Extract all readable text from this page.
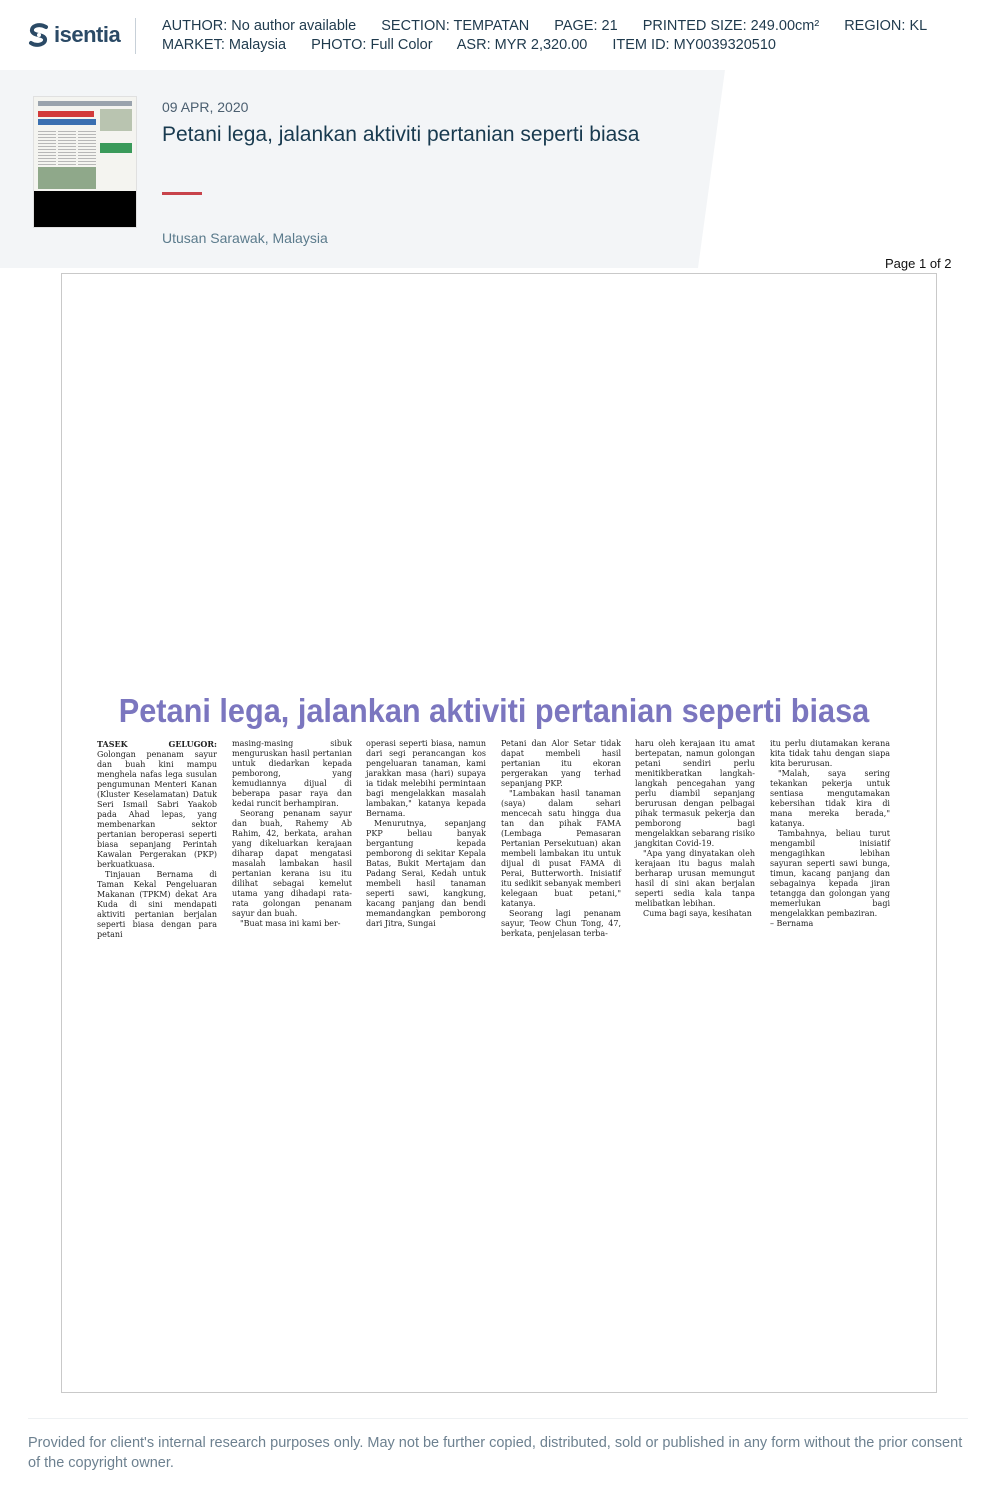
isentia	AUTHOR: No author available SECTION: TEMPATAN PAGE: 21 PRINTED SIZE: 249.00cm² REGION: KL
MARKET: Malaysia PHOTO: Full Color ASR: MYR 2,320.00 ITEM ID: MY0039320510
09 APR, 2020
Petani lega, jalankan aktiviti pertanian seperti biasa
Utusan Sarawak, Malaysia
Page 1 of 2
Petani lega, jalankan aktiviti pertanian seperti biasa

TASEK GELUGOR: Golongan penanam sayur dan buah kini mampu menghela nafas lega susulan pengumunan Menteri Kanan (Kluster Keselamatan) Datuk Seri Ismail Sabri Yaakob pada Ahad lepas, yang membenarkan sektor pertanian beroperasi seperti biasa sepanjang Perintah Kawalan Pergerakan (PKP) berkuatkuasa.

Tinjauan Bernama di Taman Kekal Pengeluaran Makanan (TPKM) dekat Ara Kuda di sini mendapati aktiviti pertanian berjalan seperti biasa dengan para petani

masing-masing sibuk menguruskan hasil pertanian untuk diedarkan kepada pemborong, yang kemudiannya dijual di beberapa pasar raya dan kedai runcit berhampiran.

Seorang penanam sayur dan buah, Rahemy Ab Rahim, 42, berkata, arahan yang dikeluarkan kerajaan diharap dapat mengatasi masalah lambakan hasil pertanian kerana isu itu dilihat sebagai kemelut utama yang dihadapi rata-rata golongan penanam sayur dan buah.

"Buat masa ini kami ber-

operasi seperti biasa, namun dari segi perancangan kos pengeluaran tanaman, kami jarakkan masa (hari) supaya ia tidak melebihi permintaan bagi mengelakkan masalah lambakan," katanya kepada Bernama.

Menurutnya, sepanjang PKP beliau banyak bergantung kepada pemborong di sekitar Kepala Batas, Bukit Mertajam dan Padang Serai, Kedah untuk membeli hasil tanaman seperti sawi, kangkung, kacang panjang dan bendi memandangkan pemborong dari Jitra, Sungai

Petani dan Alor Setar tidak dapat membeli hasil pertanian itu ekoran pergerakan yang terhad sepanjang PKP.

"Lambakan hasil tanaman (saya) dalam sehari mencecah satu hingga dua tan dan pihak FAMA (Lembaga Pemasaran Pertanian Persekutuan) akan membeli lambakan itu untuk dijual di pusat FAMA di Perai, Butterworth. Inisiatif itu sedikit sebanyak memberi kelegaan buat petani," katanya.

Seorang lagi penanam sayur, Teow Chun Tong, 47, berkata, penjelasan terba-

haru oleh kerajaan itu amat bertepatan, namun golongan petani sendiri perlu menitikberatkan langkah-langkah pencegahan yang perlu diambil sepanjang berurusan dengan pelbagai pihak termasuk pekerja dan pemborong bagi mengelakkan sebarang risiko jangkitan Covid-19.

"Apa yang dinyatakan oleh kerajaan itu bagus malah berharap urusan memungut hasil di sini akan berjalan seperti sedia kala tanpa melibatkan lebihan.

Cuma bagi saya, kesihatan

itu perlu diutamakan kerana kita tidak tahu dengan siapa kita berurusan.

"Malah, saya sering tekankan pekerja untuk sentiasa mengutamakan kebersihan tidak kira di mana mereka berada," katanya.

Tambahnya, beliau turut mengambil inisiatif mengagihkan lebihan sayuran seperti sawi bunga, timun, kacang panjang dan sebagainya kepada jiran tetangga dan golongan yang memerlukan bagi mengelakkan pembaziran.

– Bernama

Provided for client's internal research purposes only. May not be further copied, distributed, sold or published in any form without the prior consent of the copyright owner.
